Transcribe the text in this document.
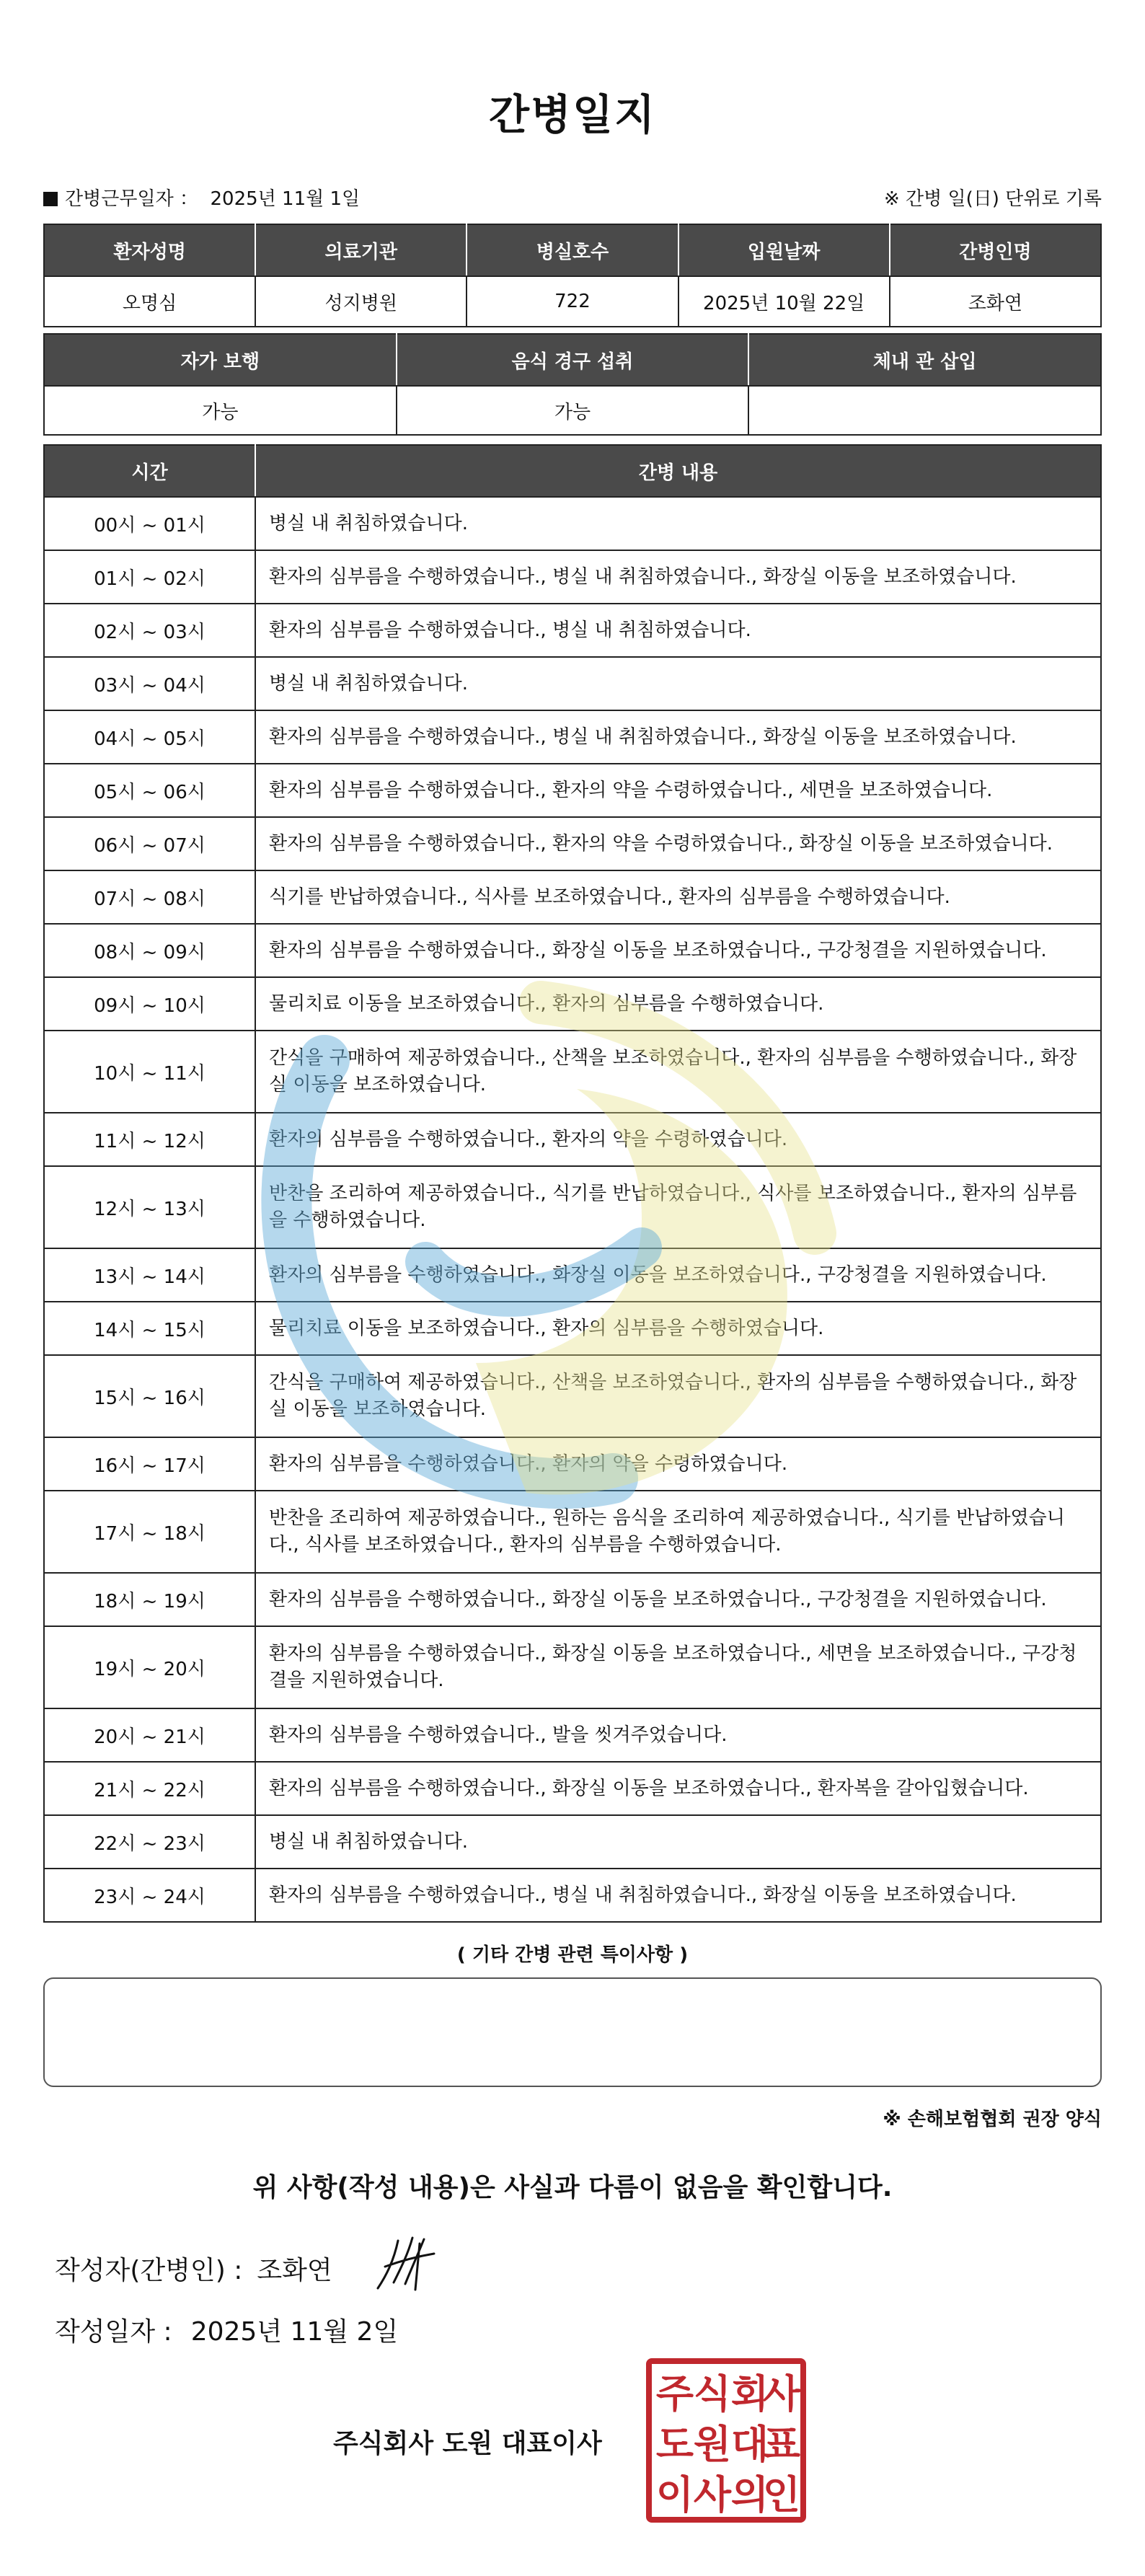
간병일지
간병근무일자 ： 2025년 11월 1일	※ 간병 일(日) 단위로 기록
환자성명	의료기관	병실호수	입원날짜	간병인명
오명심	성지병원	722	2025년 10월 22일	조화연
자가 보행	음식 경구 섭취	체내 관 삽입
가능	가능	
시간	간병 내용
00시 ~ 01시	병실 내 취침하였습니다.
01시 ~ 02시	환자의 심부름을 수행하였습니다., 병실 내 취침하였습니다., 화장실 이동을 보조하였습니다.
02시 ~ 03시	환자의 심부름을 수행하였습니다., 병실 내 취침하였습니다.
03시 ~ 04시	병실 내 취침하였습니다.
04시 ~ 05시	환자의 심부름을 수행하였습니다., 병실 내 취침하였습니다., 화장실 이동을 보조하였습니다.
05시 ~ 06시	환자의 심부름을 수행하였습니다., 환자의 약을 수령하였습니다., 세면을 보조하였습니다.
06시 ~ 07시	환자의 심부름을 수행하였습니다., 환자의 약을 수령하였습니다., 화장실 이동을 보조하였습니다.
07시 ~ 08시	식기를 반납하였습니다., 식사를 보조하였습니다., 환자의 심부름을 수행하였습니다.
08시 ~ 09시	환자의 심부름을 수행하였습니다., 화장실 이동을 보조하였습니다., 구강청결을 지원하였습니다.
09시 ~ 10시	물리치료 이동을 보조하였습니다., 환자의 심부름을 수행하였습니다.
10시 ~ 11시	간식을 구매하여 제공하였습니다., 산책을 보조하였습니다., 환자의 심부름을 수행하였습니다., 화장실 이동을 보조하였습니다.
11시 ~ 12시	환자의 심부름을 수행하였습니다., 환자의 약을 수령하였습니다.
12시 ~ 13시	반찬을 조리하여 제공하였습니다., 식기를 반납하였습니다., 식사를 보조하였습니다., 환자의 심부름을 수행하였습니다.
13시 ~ 14시	환자의 심부름을 수행하였습니다., 화장실 이동을 보조하였습니다., 구강청결을 지원하였습니다.
14시 ~ 15시	물리치료 이동을 보조하였습니다., 환자의 심부름을 수행하였습니다.
15시 ~ 16시	간식을 구매하여 제공하였습니다., 산책을 보조하였습니다., 환자의 심부름을 수행하였습니다., 화장실 이동을 보조하였습니다.
16시 ~ 17시	환자의 심부름을 수행하였습니다., 환자의 약을 수령하였습니다.
17시 ~ 18시	반찬을 조리하여 제공하였습니다., 원하는 음식을 조리하여 제공하였습니다., 식기를 반납하였습니다., 식사를 보조하였습니다., 환자의 심부름을 수행하였습니다.
18시 ~ 19시	환자의 심부름을 수행하였습니다., 화장실 이동을 보조하였습니다., 구강청결을 지원하였습니다.
19시 ~ 20시	환자의 심부름을 수행하였습니다., 화장실 이동을 보조하였습니다., 세면을 보조하였습니다., 구강청결을 지원하였습니다.
20시 ~ 21시	환자의 심부름을 수행하였습니다., 발을 씻겨주었습니다.
21시 ~ 22시	환자의 심부름을 수행하였습니다., 화장실 이동을 보조하였습니다., 환자복을 갈아입혔습니다.
22시 ~ 23시	병실 내 취침하였습니다.
23시 ~ 24시	환자의 심부름을 수행하였습니다., 병실 내 취침하였습니다., 화장실 이동을 보조하였습니다.
( 기타 간병 관련 특이사항 )
※ 손해보험협회 권장 양식
위 사항(작성 내용)은 사실과 다름이 없음을 확인합니다.
작성자(간병인) : 조화연
작성일자 : 2025년 11월 2일
주식회사 도원 대표이사
주 식 회
사
도 원 대
표
이 사 의
인
